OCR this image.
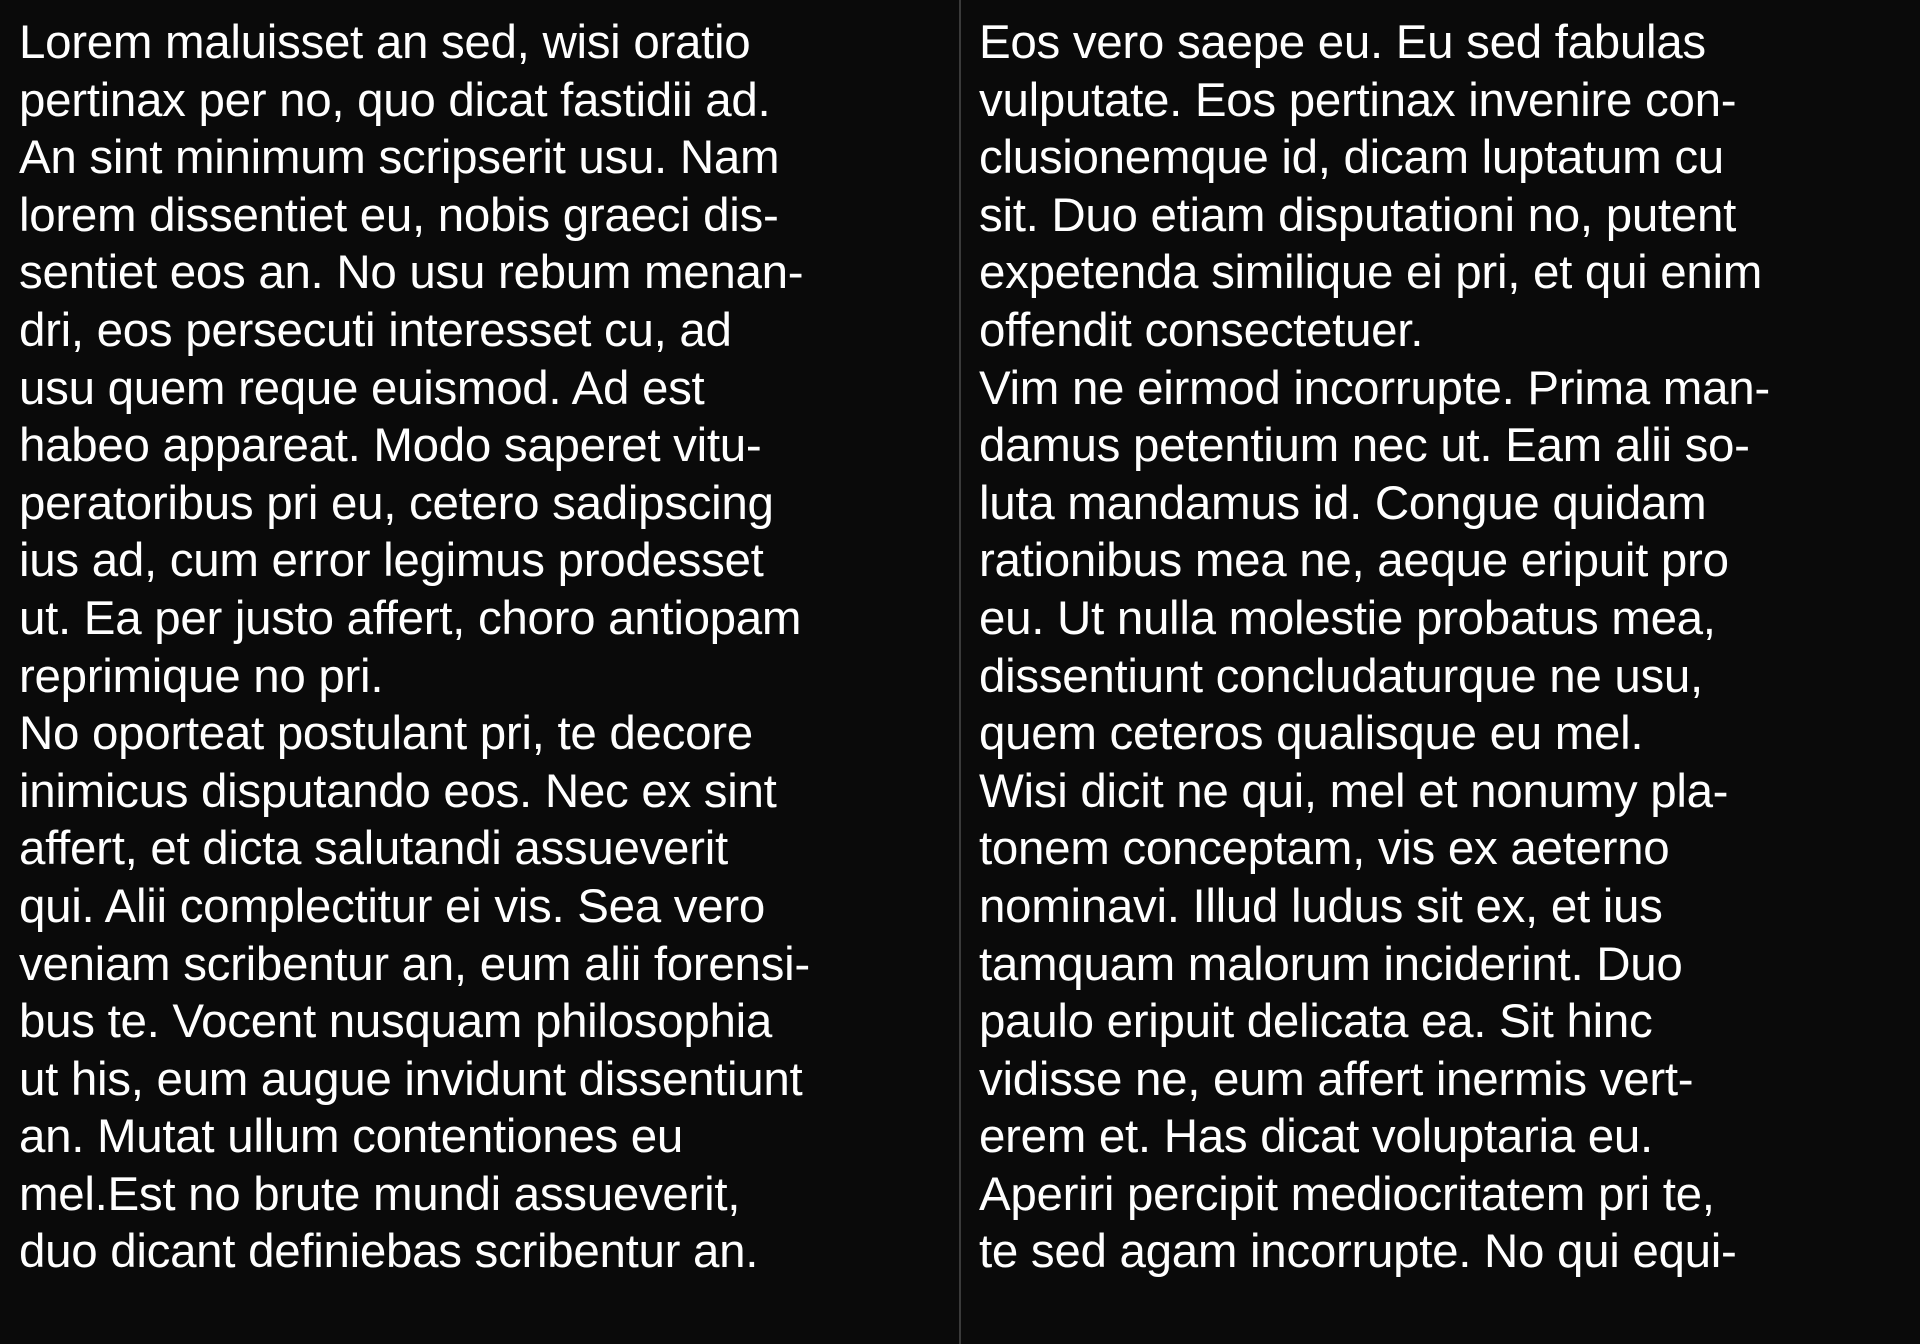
Lorem maluisset an sed, wisi oratio
pertinax per no, quo dicat fastidii ad.
An sint minimum scripserit usu. Nam
lorem dissentiet eu, nobis graeci dis-
sentiet eos an. No usu rebum menan-
dri, eos persecuti interesset cu, ad
usu quem reque euismod. Ad est
habeo appareat. Modo saperet vitu-
peratoribus pri eu, cetero sadipscing
ius ad, cum error legimus prodesset
ut. Ea per justo affert, choro antiopam
reprimique no pri.
No oporteat postulant pri, te decore
inimicus disputando eos. Nec ex sint
affert, et dicta salutandi assueverit
qui. Alii complectitur ei vis. Sea vero
veniam scribentur an, eum alii forensi-
bus te. Vocent nusquam philosophia
ut his, eum augue invidunt dissentiunt
an. Mutat ullum contentiones eu
mel.Est no brute mundi assueverit,
duo dicant definiebas scribentur an.
Eos vero saepe eu. Eu sed fabulas
vulputate. Eos pertinax invenire con-
clusionemque id, dicam luptatum cu
sit. Duo etiam disputationi no, putent
expetenda similique ei pri, et qui enim
offendit consectetuer.
Vim ne eirmod incorrupte. Prima man-
damus petentium nec ut. Eam alii so-
luta mandamus id. Congue quidam
rationibus mea ne, aeque eripuit pro
eu. Ut nulla molestie probatus mea,
dissentiunt concludaturque ne usu,
quem ceteros qualisque eu mel.
Wisi dicit ne qui, mel et nonumy pla-
tonem conceptam, vis ex aeterno
nominavi. Illud ludus sit ex, et ius
tamquam malorum inciderint. Duo
paulo eripuit delicata ea. Sit hinc
vidisse ne, eum affert inermis vert-
erem et. Has dicat voluptaria eu.
Aperiri percipit mediocritatem pri te,
te sed agam incorrupte. No qui equi-
